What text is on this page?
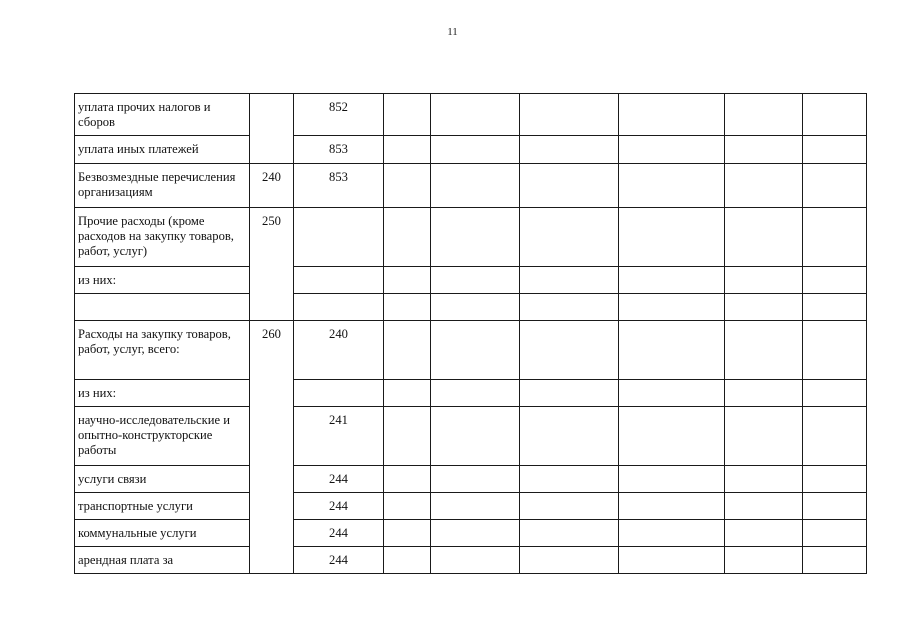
11
уплата прочих налогов и сборов		852						
уплата иных платежей		853						
Безвозмездные перечисления организациям	240	853						
Прочие расходы (кроме расходов на закупку товаров, работ, услуг)	250							
из них:								

Расходы на закупку товаров, работ, услуг, всего:	260	240						
из них:								
научно-исследовательские и опытно-конструкторские работы		241						
услуги связи		244						
транспортные услуги		244						
коммунальные услуги		244						
арендная плата за		244						
